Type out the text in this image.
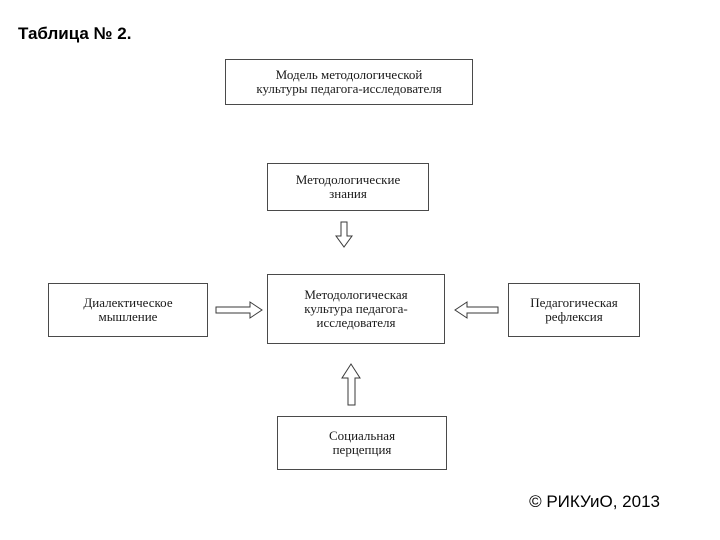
Таблица № 2.
Модель методологической
культуры педагога-исследователя
Методологические
знания
Методологическая
культура педагога-
исследователя
Диалектическое
мышление
Педагогическая
рефлексия
Социальная
перцепция
© РИКУиО, 2013
